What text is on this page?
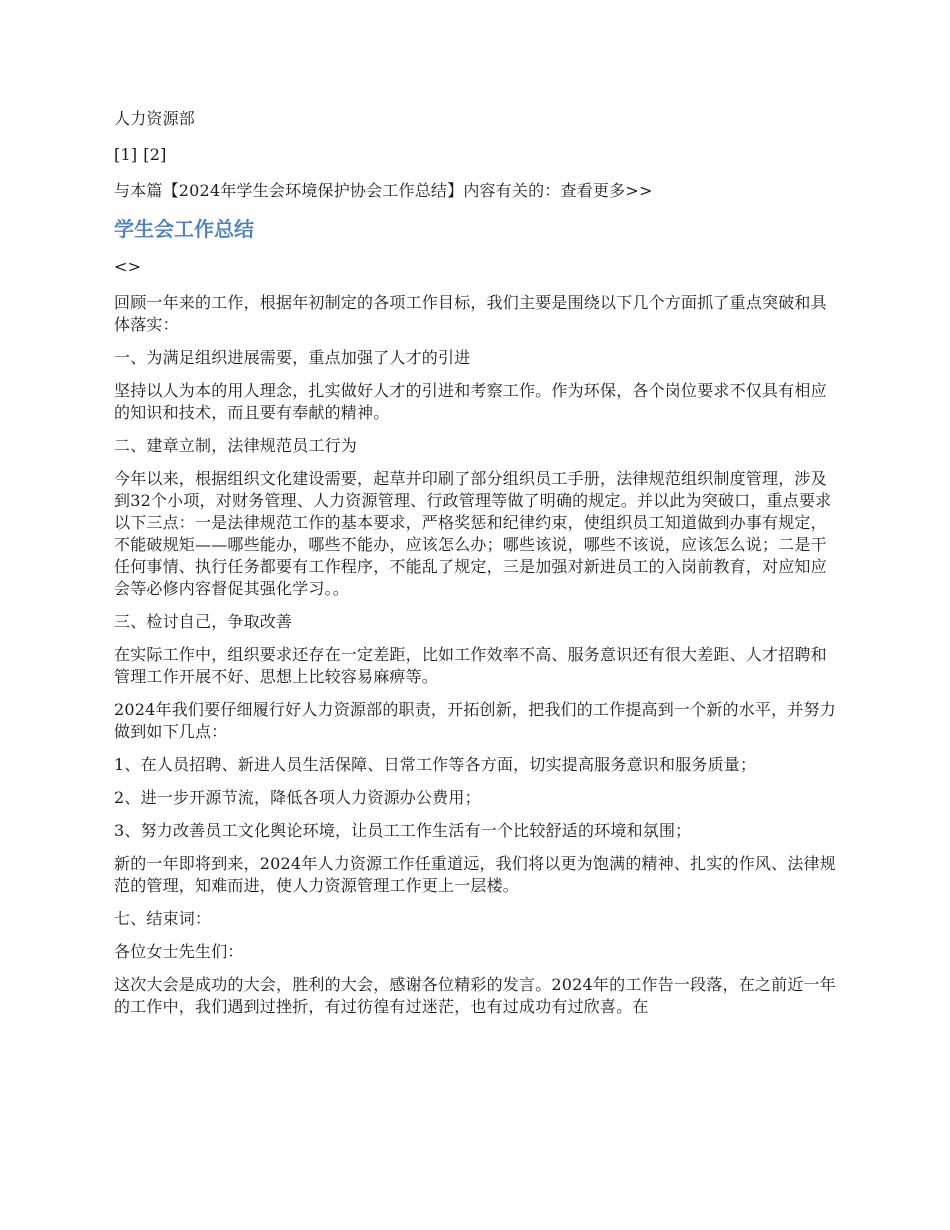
人力资源部

[1] [2]

与本篇【2024年学生会环境保护协会工作总结】内容有关的：查看更多>>

学生会工作总结

<>

回顾一年来的工作，根据年初制定的各项工作目标，我们主要是围绕以下几个方面抓了重点突破和具体落实：

一、为满足组织进展需要，重点加强了人才的引进

坚持以人为本的用人理念，扎实做好人才的引进和考察工作。作为环保，各个岗位要求不仅具有相应的知识和技术，而且要有奉献的精神。

二、建章立制，法律规范员工行为

今年以来，根据组织文化建设需要，起草并印刷了部分组织员工手册，法律规范组织制度管理，涉及到32个小项，对财务管理、人力资源管理、行政管理等做了明确的规定。并以此为突破口，重点要求以下三点：一是法律规范工作的基本要求，严格奖惩和纪律约束，使组织员工知道做到办事有规定，不能破规矩——哪些能办，哪些不能办，应该怎么办；哪些该说，哪些不该说，应该怎么说；二是干任何事情、执行任务都要有工作程序，不能乱了规定，三是加强对新进员工的入岗前教育，对应知应会等必修内容督促其强化学习。。

三、检讨自己，争取改善

在实际工作中，组织要求还存在一定差距，比如工作效率不高、服务意识还有很大差距、人才招聘和管理工作开展不好、思想上比较容易麻痹等。

2024年我们要仔细履行好人力资源部的职责，开拓创新，把我们的工作提高到一个新的水平，并努力做到如下几点：

1、在人员招聘、新进人员生活保障、日常工作等各方面，切实提高服务意识和服务质量；

2、进一步开源节流，降低各项人力资源办公费用；

3、努力改善员工文化舆论环境，让员工工作生活有一个比较舒适的环境和氛围；

新的一年即将到来，2024年人力资源工作任重道远，我们将以更为饱满的精神、扎实的作风、法律规范的管理，知难而进，使人力资源管理工作更上一层楼。

七、结束词：

各位女士先生们：

这次大会是成功的大会，胜利的大会，感谢各位精彩的发言。2024年的工作告一段落，在之前近一年的工作中，我们遇到过挫折，有过彷徨有过迷茫，也有过成功有过欣喜。在
